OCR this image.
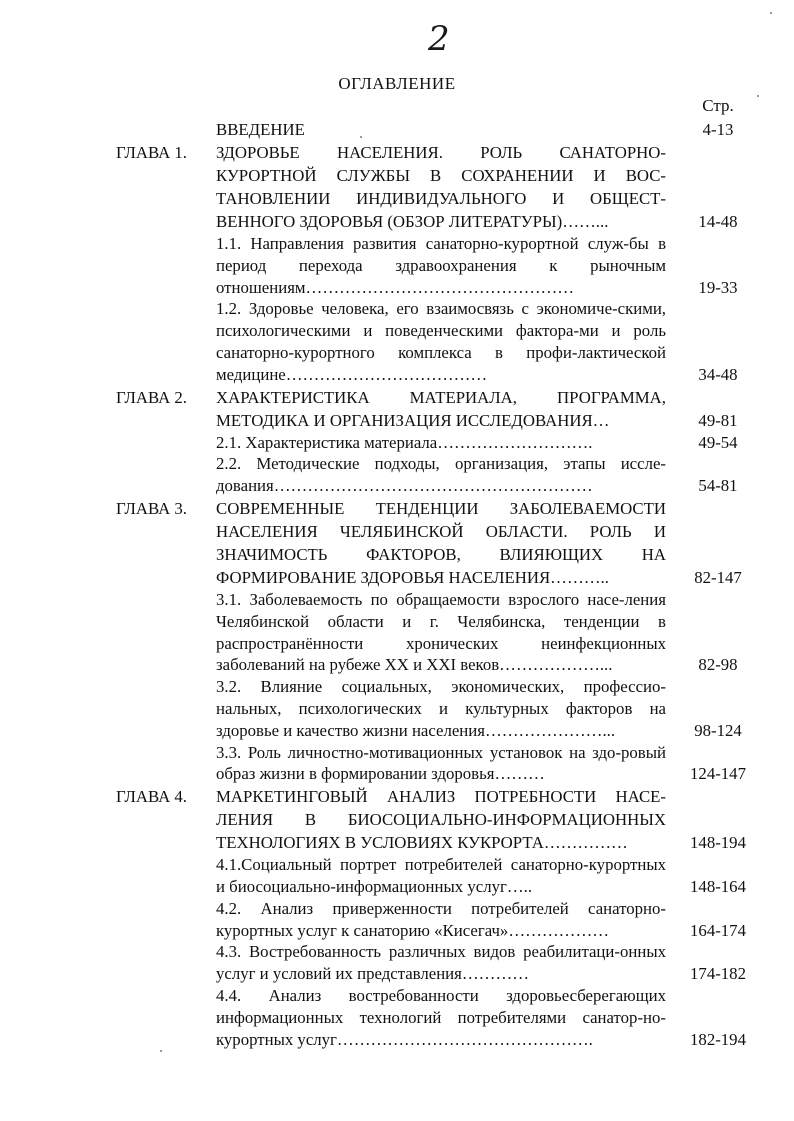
2
ОГЛАВЛЕНИЕ
Стр.
ВВЕДЕНИЕ	4-13
ГЛАВА 1. ЗДОРОВЬЕ НАСЕЛЕНИЯ. РОЛЬ САНАТОРНО-КУРОРТНОЙ СЛУЖБЫ В СОХРАНЕНИИ И ВОС-ТАНОВЛЕНИИ ИНДИВИДУАЛЬНОГО И ОБЩЕСТ-ВЕННОГО ЗДОРОВЬЯ (ОБЗОР ЛИТЕРАТУРЫ)……...	14-48
1.1. Направления развития санаторно-курортной служ-бы в период перехода здравоохранения к рыночным отношениям…………………………………………	19-33
1.2. Здоровье человека, его взаимосвязь с экономиче-скими, психологическими и поведенческими фактора-ми и роль санаторно-курортного комплекса в профи-лактической медицине………………………………	34-48
ГЛАВА 2. ХАРАКТЕРИСТИКА МАТЕРИАЛА, ПРОГРАММА, МЕТОДИКА И ОРГАНИЗАЦИЯ ИССЛЕДОВАНИЯ…	49-81
2.1. Характеристика материала……………………….	49-54
2.2. Методические подходы, организация, этапы иссле-дования…………………………………………………	54-81
ГЛАВА 3. СОВРЕМЕННЫЕ ТЕНДЕНЦИИ ЗАБОЛЕВАЕМОСТИ НАСЕЛЕНИЯ ЧЕЛЯБИНСКОЙ ОБЛАСТИ. РОЛЬ И ЗНАЧИМОСТЬ ФАКТОРОВ, ВЛИЯЮЩИХ НА ФОРМИРОВАНИЕ ЗДОРОВЬЯ НАСЕЛЕНИЯ………..	82-147
3.1. Заболеваемость по обращаемости взрослого насе-ления Челябинской области и г. Челябинска, тенденции в распространённости хронических неинфекционных заболеваний на рубеже XX и XXI веков………………...	82-98
3.2. Влияние социальных, экономических, профессио-нальных, психологических и культурных факторов на здоровье и качество жизни населения…………………...	98-124
3.3. Роль личностно-мотивационных установок на здо-ровый образ жизни в формировании здоровья………	124-147
ГЛАВА 4. МАРКЕТИНГОВЫЙ АНАЛИЗ ПОТРЕБНОСТИ НАСЕ-ЛЕНИЯ В БИОСОЦИАЛЬНО-ИНФОРМАЦИОННЫХ ТЕХНОЛОГИЯХ В УСЛОВИЯХ КУКРОРТА……………	148-194
4.1.Социальный портрет потребителей санаторно-курортных и биосоциально-информационных услуг…..	148-164
4.2. Анализ приверженности потребителей санаторно-курортных услуг к санаторию «Кисегач»………………	164-174
4.3. Востребованность различных видов реабилитаци-онных услуг и условий их представления…………	174-182
4.4. Анализ востребованности здоровьесберегающих информационных технологий потребителями санатор-но-курортных услуг……………………………………….	182-194
